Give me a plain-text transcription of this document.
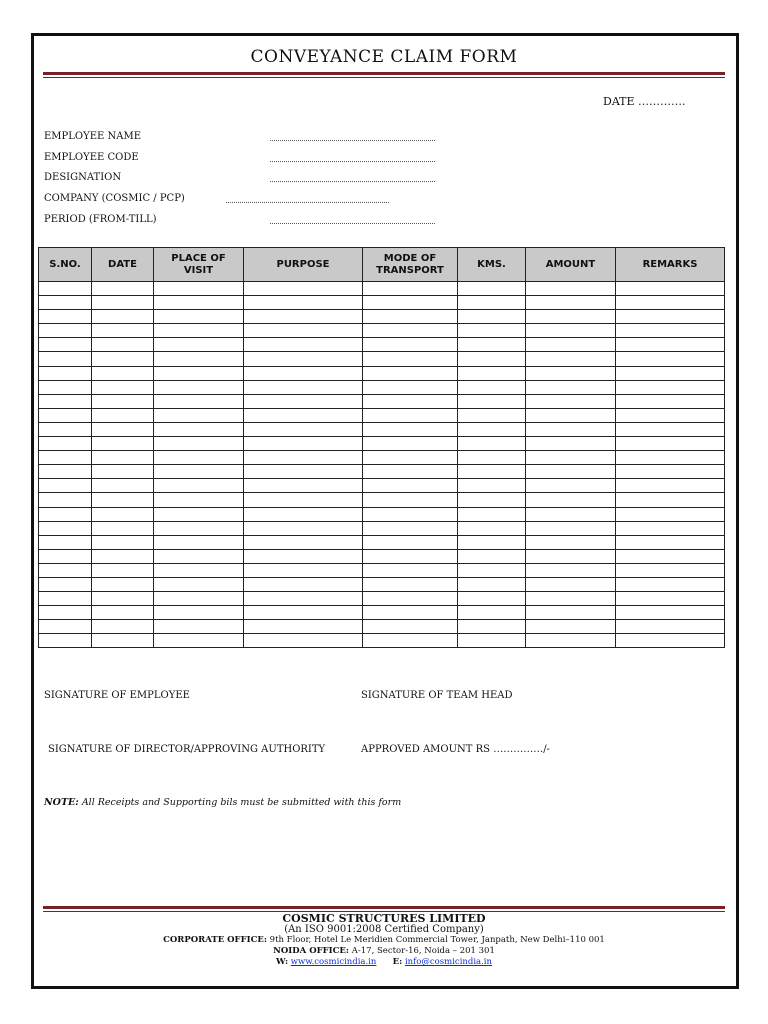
CONVEYANCE CLAIM FORM
DATE ………….
EMPLOYEE NAME
EMPLOYEE CODE
DESIGNATION
COMPANY (COSMIC / PCP)
PERIOD (FROM-TILL)
S.NO.	DATE	PLACE OF VISIT	PURPOSE	MODE OF TRANSPORT	KMS.	AMOUNT	REMARKS

SIGNATURE OF EMPLOYEE	SIGNATURE OF TEAM HEAD
SIGNATURE OF DIRECTOR/APPROVING AUTHORITY	APPROVED AMOUNT RS ……………/-
NOTE: All Receipts and Supporting bils must be submitted with this form
COSMIC STRUCTURES LIMITED
(An ISO 9001:2008 Certified Company)
CORPORATE OFFICE: 9th Floor, Hotel Le Meridien Commercial Tower, Janpath, New Delhi–110 001
NOIDA OFFICE: A-17, Sector-16, Noida – 201 301
W: www.cosmicindia.in E: info@cosmicindia.in
